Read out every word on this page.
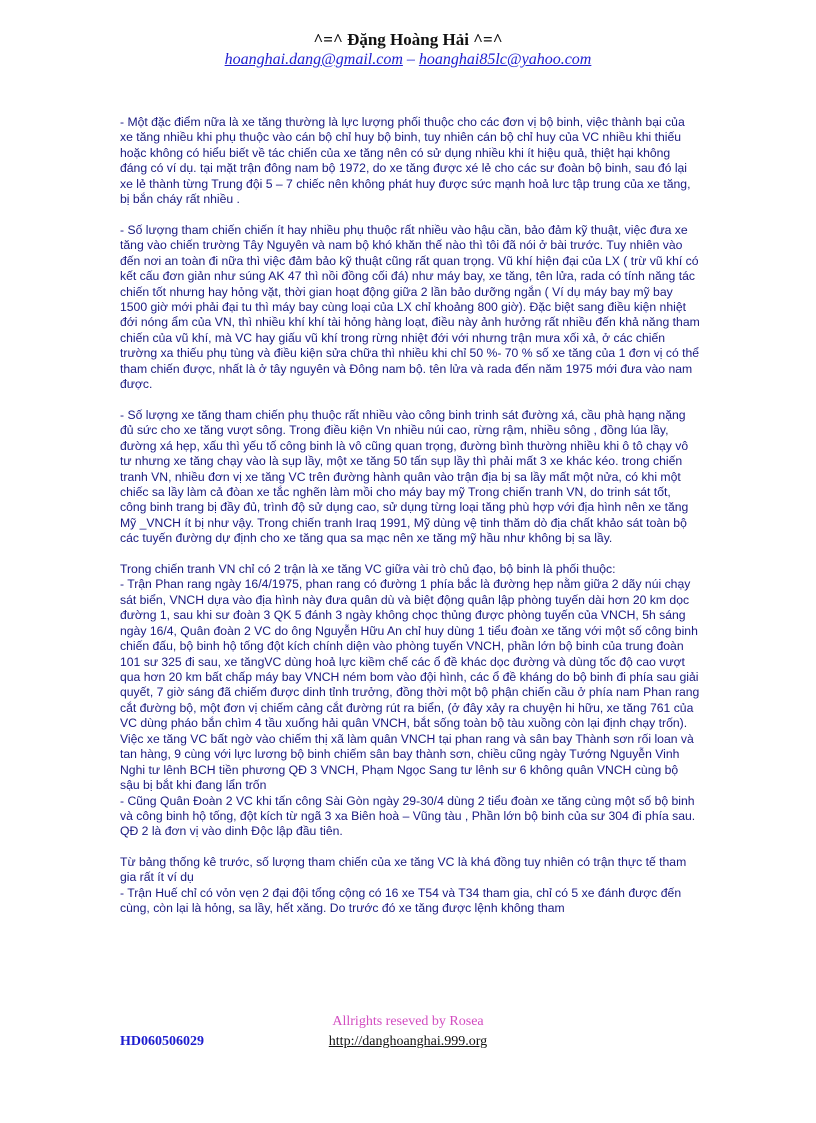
^=^ Đặng Hoàng Hải ^=^
hoanghai.dang@gmail.com – hoanghai85lc@yahoo.com

- Một đặc điểm nữa là xe tăng thường là lực lượng phối thuộc cho các đơn vị bộ binh, việc thành bại của xe tăng nhiều khi phụ thuộc vào cán bộ chỉ huy bộ binh, tuy nhiên cán bộ chỉ huy của VC nhiều khi thiếu hoặc không có hiểu biết về tác chiến của xe tăng nên có sử dụng nhiều khi ít hiệu quả, thiệt hại không đáng có ví dụ. tại mặt trận đông nam bộ 1972, do xe tăng được xé lẻ cho các sư đoàn bộ binh, sau đó lại xe lẻ thành từng Trung đội 5 – 7 chiếc nên không phát huy được sức mạnh hoả lưc tập trung của xe tăng, bị bắn cháy rất nhiều .

- Số lượng tham chiến chiến ít hay nhiều phụ thuộc rất nhiều vào hậu cần, bảo đảm kỹ thuật, việc đưa xe tăng vào chiến trường Tây Nguyên và nam bộ khó khăn thế nào thì tôi đã nói ở bài trước. Tuy nhiên vào đến nơi an toàn đi nữa thì việc đảm bảo kỹ thuật cũng rất quan trọng. Vũ khí hiện đại của LX ( trừ vũ khí có kết cấu đơn giản như súng AK 47 thì nồi đồng cối đá) như máy bay, xe tăng, tên lửa, rada có tính năng tác chiến tốt nhưng hay hỏng vặt, thời gian hoạt động giữa 2 lần bảo dưỡng ngắn ( Ví dụ máy bay mỹ bay 1500 giờ mới phải đại tu thì máy bay cùng loại của LX chỉ khoảng 800 giờ). Đặc biệt sang điều kiện nhiệt đới nóng ẩm của VN, thì nhiều khí khí tài hỏng hàng loạt, điều này ảnh hưởng rất nhiều đến khả năng tham chiến của vũ khí, mà VC hay giấu vũ khí trong rừng nhiệt đới với nhưng trận mưa xối xả, ở các chiến trường xa thiếu phụ tùng và điều kiện sửa chữa thì nhiều khi chỉ 50 %- 70 % số xe tăng của 1 đơn vị có thể tham chiến được, nhất là ở tây nguyên và Đông nam bộ. tên lửa và rada đến năm 1975 mới đưa vào nam được.

- Số lượng xe tăng tham chiến phụ thuộc rất nhiều vào công binh trinh sát đường xá, cầu phà hạng nặng đủ sức cho xe tăng vượt sông. Trong điều kiện Vn nhiều núi cao, rừng rậm, nhiều sông , đồng lúa lầy, đường xá hẹp, xấu thì yếu tố công binh là vô cũng quan trọng, đường bình thường nhiều khi ô tô chạy vô tư nhưng xe tăng chạy vào là sụp lầy, một xe tăng 50 tấn sụp lầy thì phải mất 3 xe khác kéo. trong chiến tranh VN, nhiều đơn vị xe tăng VC trên đường hành quân vào trận địa bị sa lầy mất một nửa, có khi một chiếc sa lầy làm cả đòan xe tắc nghẽn làm mồi cho máy bay mỹ Trong chiến tranh VN, do trinh sát tốt, công binh trang bị đầy đủ, trình độ sử dụng cao, sử dụng từng loại tăng phù hợp với địa hình nên xe tăng Mỹ _VNCH ít bị như vậy. Trong chiến tranh Iraq 1991, Mỹ dùng vệ tinh thăm dò địa chất khảo sát toàn bộ các tuyến đường dự định cho xe tăng qua sa mạc nên xe tăng mỹ hầu như không bị sa lầy.

Trong chiến tranh VN chỉ có 2 trận là xe tăng VC giữa vài trò chủ đạo, bộ binh là phối thuộc:
- Trận Phan rang ngày 16/4/1975, phan rang có đường 1 phía bắc là đường hẹp nằm giữa 2 dãy núi chạy sát biển, VNCH dựa vào địa hình này đưa quân dù và biệt động quân lập phòng tuyến dài hơn 20 km dọc đường 1, sau khi sư đoàn 3 QK 5 đánh 3 ngày không chọc thủng được phòng tuyến của VNCH, 5h sáng ngày 16/4, Quân đoàn 2 VC do ông Nguyễn Hữu An chỉ huy dùng 1 tiểu đoàn xe tăng với một số công binh chiến đấu, bộ binh hộ tống đột kích chính diện vào phòng tuyến VNCH, phần lớn bộ binh của trung đoàn 101 sư 325 đi sau, xe tăngVC dùng hoả lực kiềm chế các ổ đề khác dọc đường và dùng tốc độ cao vượt qua hơn 20 km bất chấp máy bay VNCH ném bom vào đội hình, các ổ đề kháng do bộ binh đi phía sau giải quyết, 7 giờ sáng đã chiếm được dinh tỉnh trưởng, đồng thời một bộ phận chiến cầu ở phía nam Phan rang cắt đường bộ, một đơn vị chiếm cảng cắt đường rút ra biển, (ở đây xảy ra chuyện hi hữu, xe tăng 761 của VC dùng pháo bắn chìm 4 tầu xuống hải quân VNCH, bắt sống toàn bộ tàu xuồng còn lại định chạy trốn). Việc xe tăng VC bất ngờ vào chiếm thị xã làm quân VNCH tại phan rang và sân bay Thành sơn rối loan và tan hàng, 9 cùng với lực lương bộ binh chiếm sân bay thành sơn, chiều cũng ngày Tướng Nguyễn Vinh Nghi tư lênh BCH tiền phương QĐ 3 VNCH, Phạm Ngọc Sang tư lênh sư 6 không quân VNCH cùng bộ sậu bị bắt khi đang lẩn trốn
- Cũng Quân Đoàn 2 VC khi tấn công Sài Gòn ngày 29-30/4 dùng 2 tiểu đoàn xe tăng cùng một số bộ binh và công binh hộ tống, đột kích từ ngã 3 xa Biên hoà – Vũng tàu , Phần lớn bộ binh của sư 304 đi phía sau. QĐ 2 là đơn vị vào dinh Độc lập đầu tiên.

Từ bảng thống kê trước, số lượng tham chiến của xe tăng VC là khá đồng tuy nhiên có trận thực tế tham gia rất ít ví dụ
- Trận Huế chỉ có vỏn vẹn 2 đại đội tổng cộng có 16 xe T54 và T34 tham gia, chỉ có 5 xe đánh được đến cùng, còn lại là hỏng, sa lầy, hết xăng. Do trước đó xe tăng được lệnh không tham

Allrights reseved by Rosea
HD060506029	http://danghoanghai.999.org
